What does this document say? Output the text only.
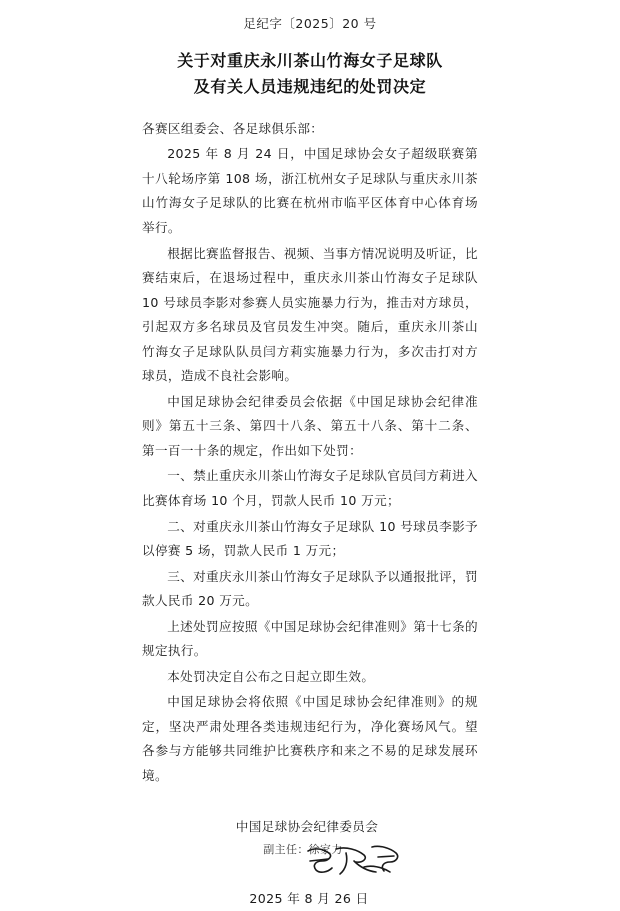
足纪字〔2025〕20 号
关于对重庆永川茶山竹海女子足球队
及有关人员违规违纪的处罚决定

各赛区组委会、各足球俱乐部：

2025 年 8 月 24 日，中国足球协会女子超级联赛第十八轮场序第 108 场，浙江杭州女子足球队与重庆永川茶山竹海女子足球队的比赛在杭州市临平区体育中心体育场举行。

根据比赛监督报告、视频、当事方情况说明及听证，比赛结束后，在退场过程中，重庆永川茶山竹海女子足球队 10 号球员李影对参赛人员实施暴力行为，推击对方球员，引起双方多名球员及官员发生冲突。随后，重庆永川茶山竹海女子足球队队员闫方莉实施暴力行为，多次击打对方球员，造成不良社会影响。

中国足球协会纪律委员会依据《中国足球协会纪律准则》第五十三条、第四十八条、第五十八条、第十二条、第一百一十条的规定，作出如下处罚：

一、禁止重庆永川茶山竹海女子足球队官员闫方莉进入比赛体育场 10 个月，罚款人民币 10 万元；

二、对重庆永川茶山竹海女子足球队 10 号球员李影予以停赛 5 场，罚款人民币 1 万元；

三、对重庆永川茶山竹海女子足球队予以通报批评，罚款人民币 20 万元。

上述处罚应按照《中国足球协会纪律准则》第十七条的规定执行。

本处罚决定自公布之日起立即生效。

中国足球协会将依照《中国足球协会纪律准则》的规定，坚决严肃处理各类违规违纪行为，净化赛场风气。望各参与方能够共同维护比赛秩序和来之不易的足球发展环境。

中国足球协会纪律委员会
副主任：徐家力
2025 年 8 月 26 日
